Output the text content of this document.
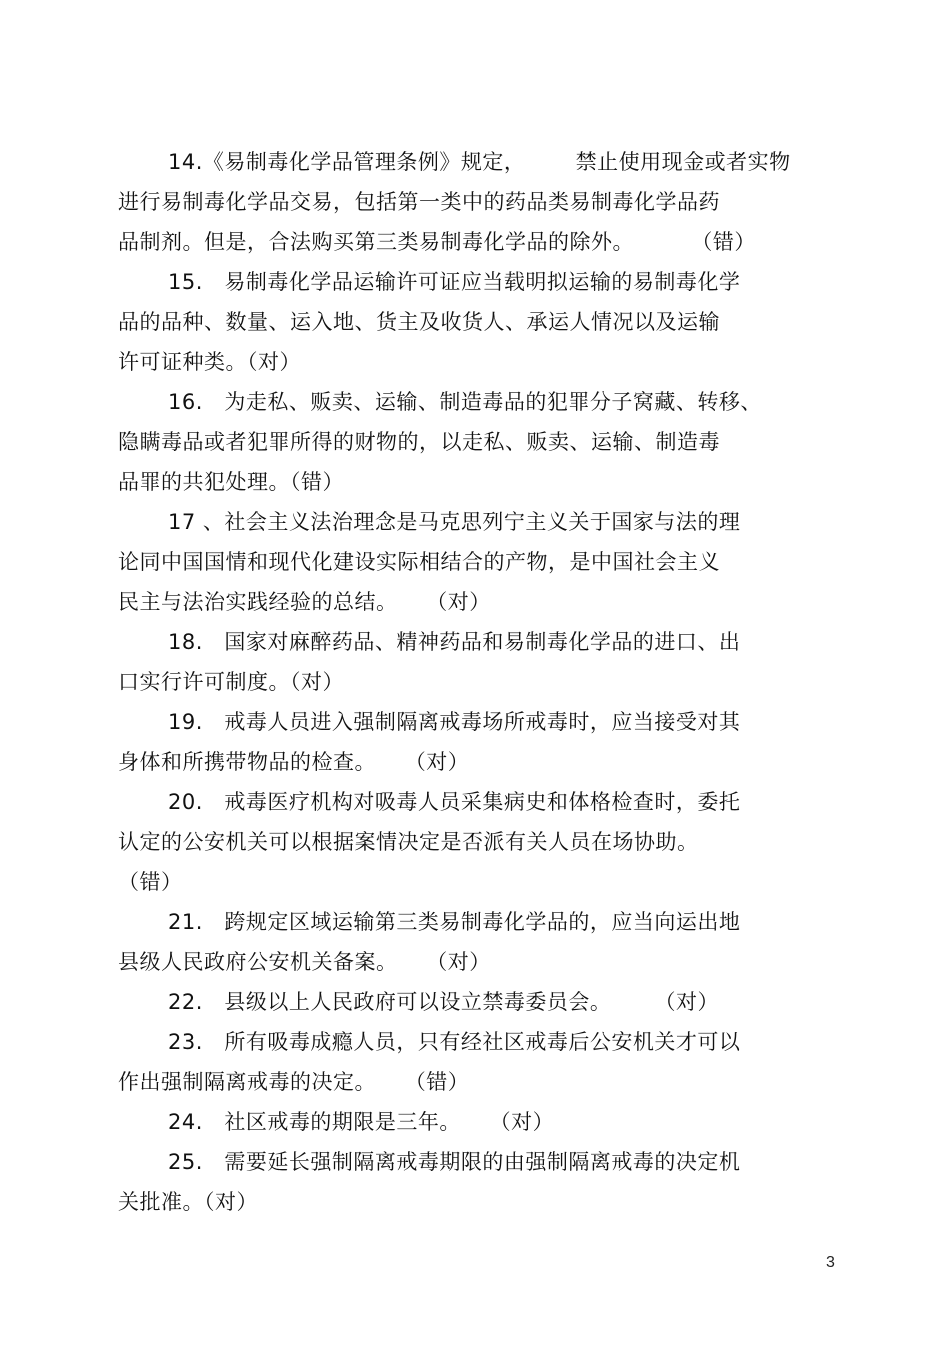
14.《易制毒化学品管理条例》规定，       禁止使用现金或者实物
进行易制毒化学品交易，包括第一类中的药品类易制毒化学品药
品制剂。但是，合法购买第三类易制毒化学品的除外。        （错）
15.   易制毒化学品运输许可证应当载明拟运输的易制毒化学
品的品种、数量、运入地、货主及收货人、承运人情况以及运输
许可证种类。（对）
16.   为走私、贩卖、运输、制造毒品的犯罪分子窝藏、转移、
隐瞒毒品或者犯罪所得的财物的，以走私、贩卖、运输、制造毒
品罪的共犯处理。（错）
17 、社会主义法治理念是马克思列宁主义关于国家与法的理
论同中国国情和现代化建设实际相结合的产物，是中国社会主义
民主与法治实践经验的总结。    （对）
18.   国家对麻醉药品、精神药品和易制毒化学品的进口、出
口实行许可制度。（对）
19.   戒毒人员进入强制隔离戒毒场所戒毒时，应当接受对其
身体和所携带物品的检查。    （对）
20.   戒毒医疗机构对吸毒人员采集病史和体格检查时，委托
认定的公安机关可以根据案情决定是否派有关人员在场协助。
（错）
21.   跨规定区域运输第三类易制毒化学品的，应当向运出地
县级人民政府公安机关备案。    （对）
22.   县级以上人民政府可以设立禁毒委员会。      （对）
23.   所有吸毒成瘾人员，只有经社区戒毒后公安机关才可以
作出强制隔离戒毒的决定。    （错）
24.   社区戒毒的期限是三年。    （对）
25.   需要延长强制隔离戒毒期限的由强制隔离戒毒的决定机
关批准。（对）
3
